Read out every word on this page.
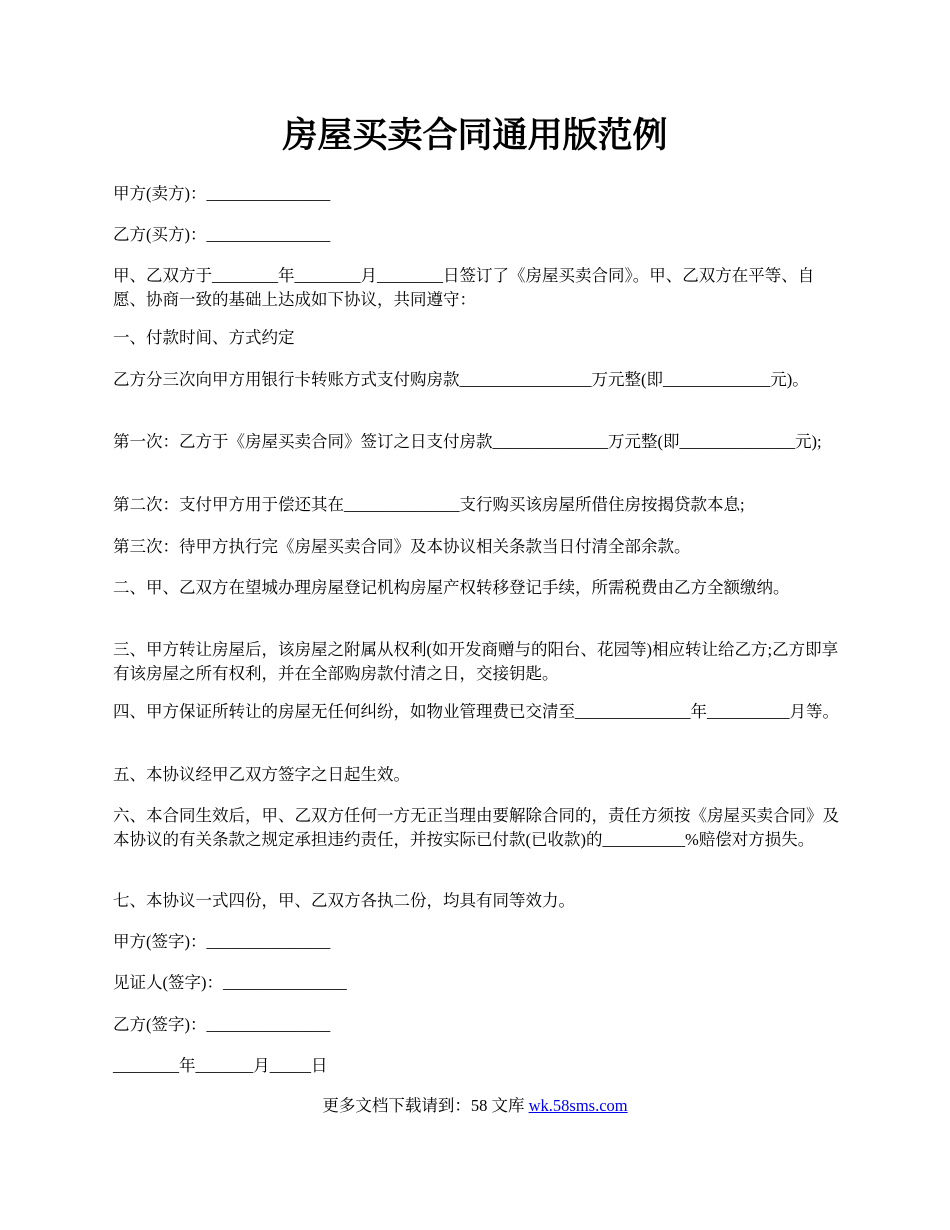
房屋买卖合同通用版范例

甲方(卖方)：_______________

乙方(买方)：_______________

甲、乙双方于________年________月________日签订了《房屋买卖合同》。甲、乙双方在平等、自愿、协商一致的基础上达成如下协议，共同遵守：

一、付款时间、方式约定

乙方分三次向甲方用银行卡转账方式支付购房款________________万元整(即_____________元)。

第一次：乙方于《房屋买卖合同》签订之日支付房款______________万元整(即______________元);

第二次：支付甲方用于偿还其在______________支行购买该房屋所借住房按揭贷款本息;

第三次：待甲方执行完《房屋买卖合同》及本协议相关条款当日付清全部余款。

二、甲、乙双方在望城办理房屋登记机构房屋产权转移登记手续，所需税费由乙方全额缴纳。

三、甲方转让房屋后，该房屋之附属从权利(如开发商赠与的阳台、花园等)相应转让给乙方;乙方即享有该房屋之所有权利，并在全部购房款付清之日，交接钥匙。

四、甲方保证所转让的房屋无任何纠纷，如物业管理费已交清至______________年__________月等。

五、本协议经甲乙双方签字之日起生效。

六、本合同生效后，甲、乙双方任何一方无正当理由要解除合同的，责任方须按《房屋买卖合同》及本协议的有关条款之规定承担违约责任，并按实际已付款(已收款)的__________%赔偿对方损失。

七、本协议一式四份，甲、乙双方各执二份，均具有同等效力。

甲方(签字)：_______________

见证人(签字)：_______________

乙方(签字)：_______________

________年_______月_____日

更多文档下载请到：58 文库 wk.58sms.com
